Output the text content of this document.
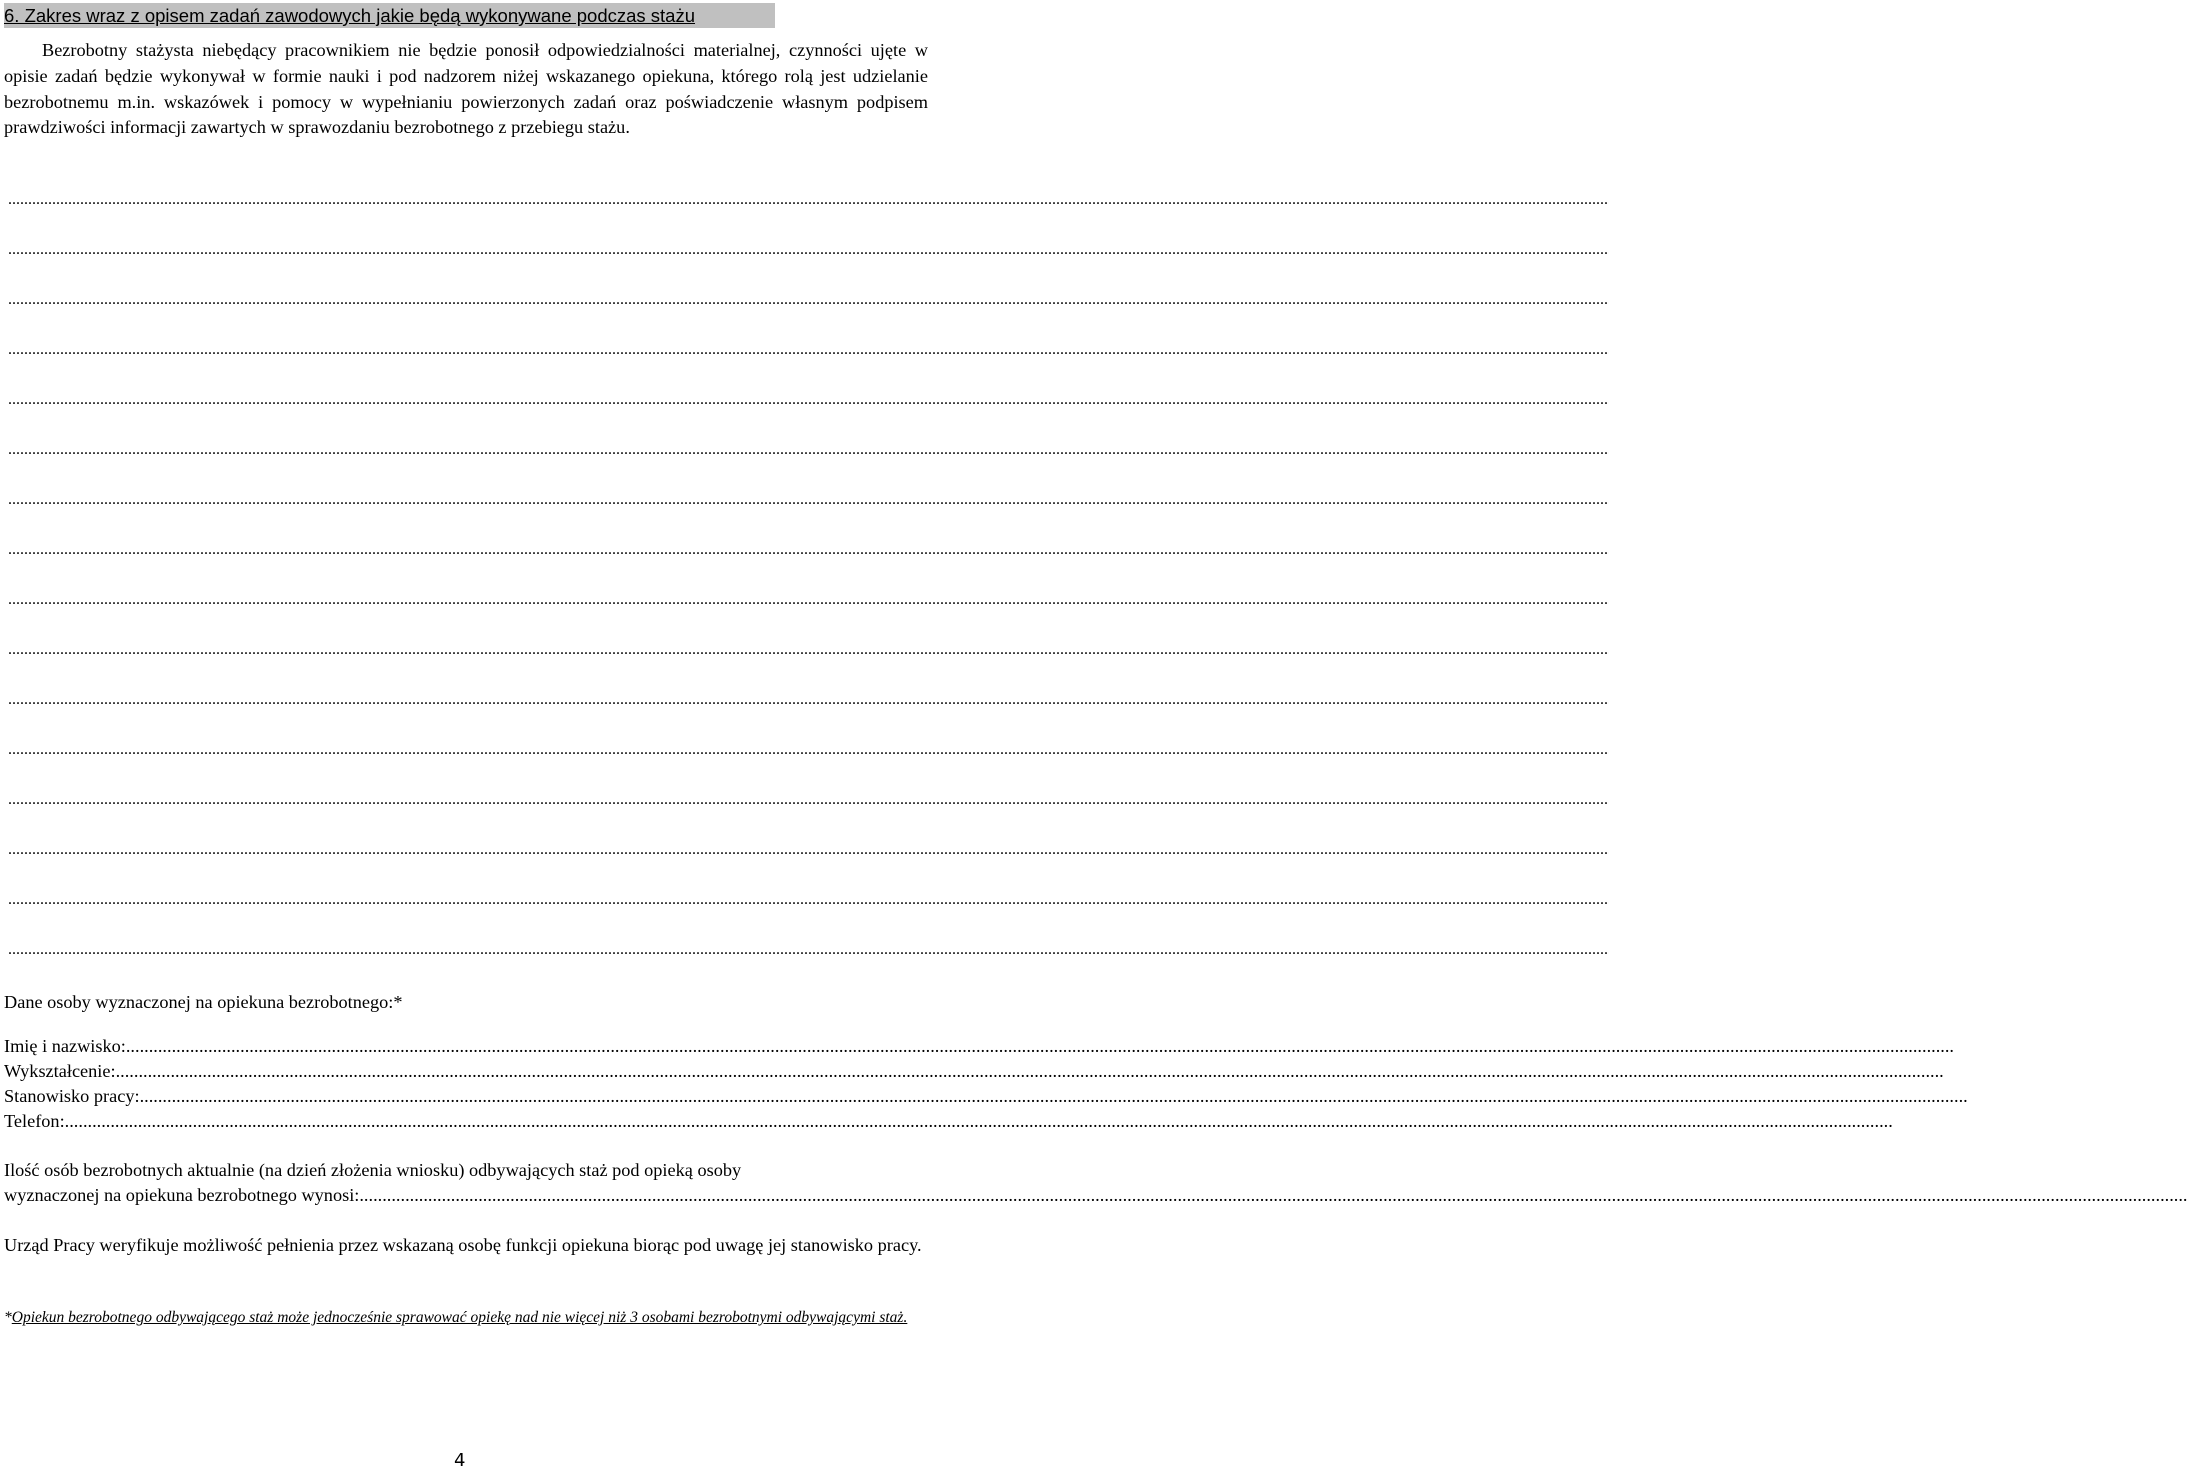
6. Zakres wraz z opisem zadań zawodowych jakie będą wykonywane podczas stażu

Bezrobotny stażysta niebędący pracownikiem nie będzie ponosił odpowiedzialności materialnej, czynności ujęte w opisie zadań będzie wykonywał w formie nauki i pod nadzorem niżej wskazanego opiekuna, którego rolą jest udzielanie bezrobotnemu m.in. wskazówek i pomocy w wypełnianiu powierzonych zadań oraz poświadczenie własnym podpisem prawdziwości informacji zawartych w sprawozdaniu bezrobotnego z przebiegu stażu.

................................................................................................................................................................................................................................................................................................................................................................................................................
................................................................................................................................................................................................................................................................................................................................................................................................................
................................................................................................................................................................................................................................................................................................................................................................................................................
................................................................................................................................................................................................................................................................................................................................................................................................................
................................................................................................................................................................................................................................................................................................................................................................................................................
................................................................................................................................................................................................................................................................................................................................................................................................................
................................................................................................................................................................................................................................................................................................................................................................................................................
................................................................................................................................................................................................................................................................................................................................................................................................................
................................................................................................................................................................................................................................................................................................................................................................................................................
................................................................................................................................................................................................................................................................................................................................................................................................................
................................................................................................................................................................................................................................................................................................................................................................................................................
................................................................................................................................................................................................................................................................................................................................................................................................................
................................................................................................................................................................................................................................................................................................................................................................................................................
................................................................................................................................................................................................................................................................................................................................................................................................................
................................................................................................................................................................................................................................................................................................................................................................................................................
................................................................................................................................................................................................................................................................................................................................................................................................................
Dane osoby wyznaczonej na opiekuna bezrobotnego:*
Imię i nazwisko:................................................................................................................................................................................................................................................................................................................................................................................................................
Wykształcenie:................................................................................................................................................................................................................................................................................................................................................................................................................
Stanowisko pracy:................................................................................................................................................................................................................................................................................................................................................................................................................
Telefon:................................................................................................................................................................................................................................................................................................................................................................................................................
Ilość osób bezrobotnych aktualnie (na dzień złożenia wniosku) odbywających staż pod opieką osoby
wyznaczonej na opiekuna bezrobotnego wynosi:................................................................................................................................................................................................................................................................................................................................................................................................................

Urząd Pracy weryfikuje możliwość pełnienia przez wskazaną osobę funkcji opiekuna biorąc pod uwagę jej stanowisko pracy.

*Opiekun bezrobotnego odbywającego staż może jednocześnie sprawować opiekę nad nie więcej niż 3 osobami bezrobotnymi odbywającymi staż.

4
